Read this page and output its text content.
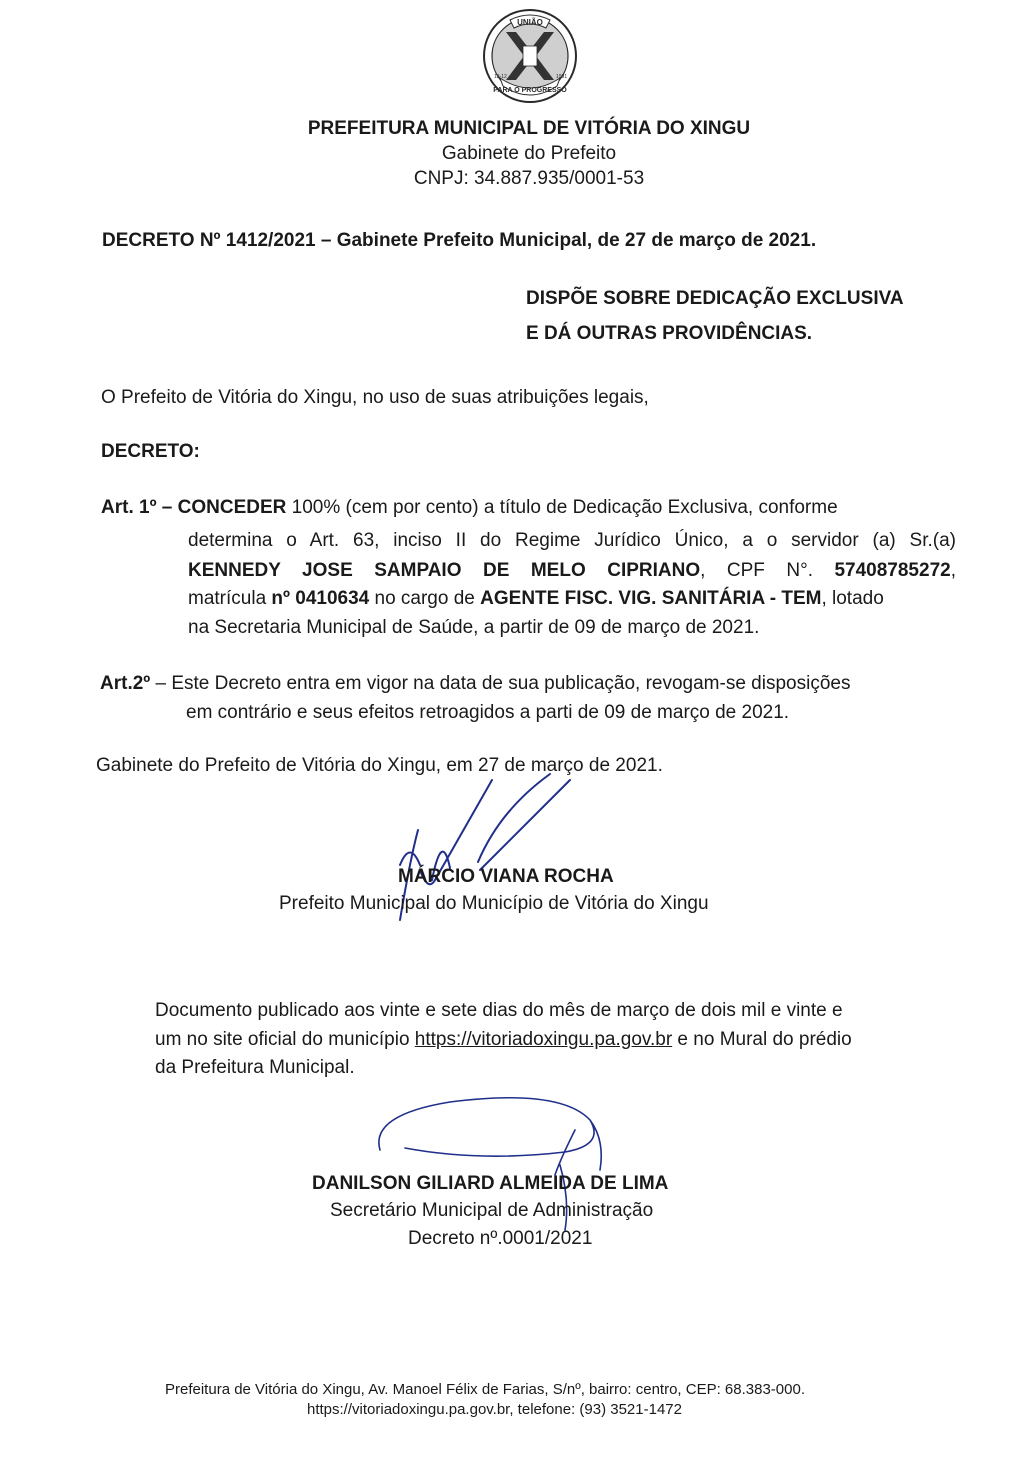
UNIÃO
PARA O PROGRESSO
13-12	1991
PREFEITURA MUNICIPAL DE VITÓRIA DO XINGU
Gabinete do Prefeito
CNPJ: 34.887.935/0001-53
DECRETO Nº 1412/2021 – Gabinete Prefeito Municipal, de 27 de março de 2021.
DISPÕE SOBRE DEDICAÇÃO EXCLUSIVA
E DÁ OUTRAS PROVIDÊNCIAS.
O Prefeito de Vitória do Xingu, no uso de suas atribuições legais,
DECRETO:
Art. 1º – CONCEDER 100% (cem por cento) a título de Dedicação Exclusiva, conforme
determina o Art. 63, inciso II do Regime Jurídico Único, a o servidor (a) Sr.(a)
KENNEDY JOSE SAMPAIO DE MELO CIPRIANO, CPF N°. 57408785272,
matrícula nº 0410634 no cargo de AGENTE FISC. VIG. SANITÁRIA - TEM, lotado
na Secretaria Municipal de Saúde, a partir de 09 de março de 2021.
Art.2º – Este Decreto entra em vigor na data de sua publicação, revogam-se disposições
em contrário e seus efeitos retroagidos a parti de 09 de março de 2021.
Gabinete do Prefeito de Vitória do Xingu, em 27 de março de 2021.
MÁRCIO VIANA ROCHA
Prefeito Municipal do Município de Vitória do Xingu
Documento publicado aos vinte e sete dias do mês de março de dois mil e vinte e
um no site oficial do município https://vitoriadoxingu.pa.gov.br e no Mural do prédio
da Prefeitura Municipal.
DANILSON GILIARD ALMEIDA DE LIMA
Secretário Municipal de Administração
Decreto nº.0001/2021
Prefeitura de Vitória do Xingu, Av. Manoel Félix de Farias, S/nº, bairro: centro, CEP: 68.383-000.
https://vitoriadoxingu.pa.gov.br, telefone: (93) 3521-1472
